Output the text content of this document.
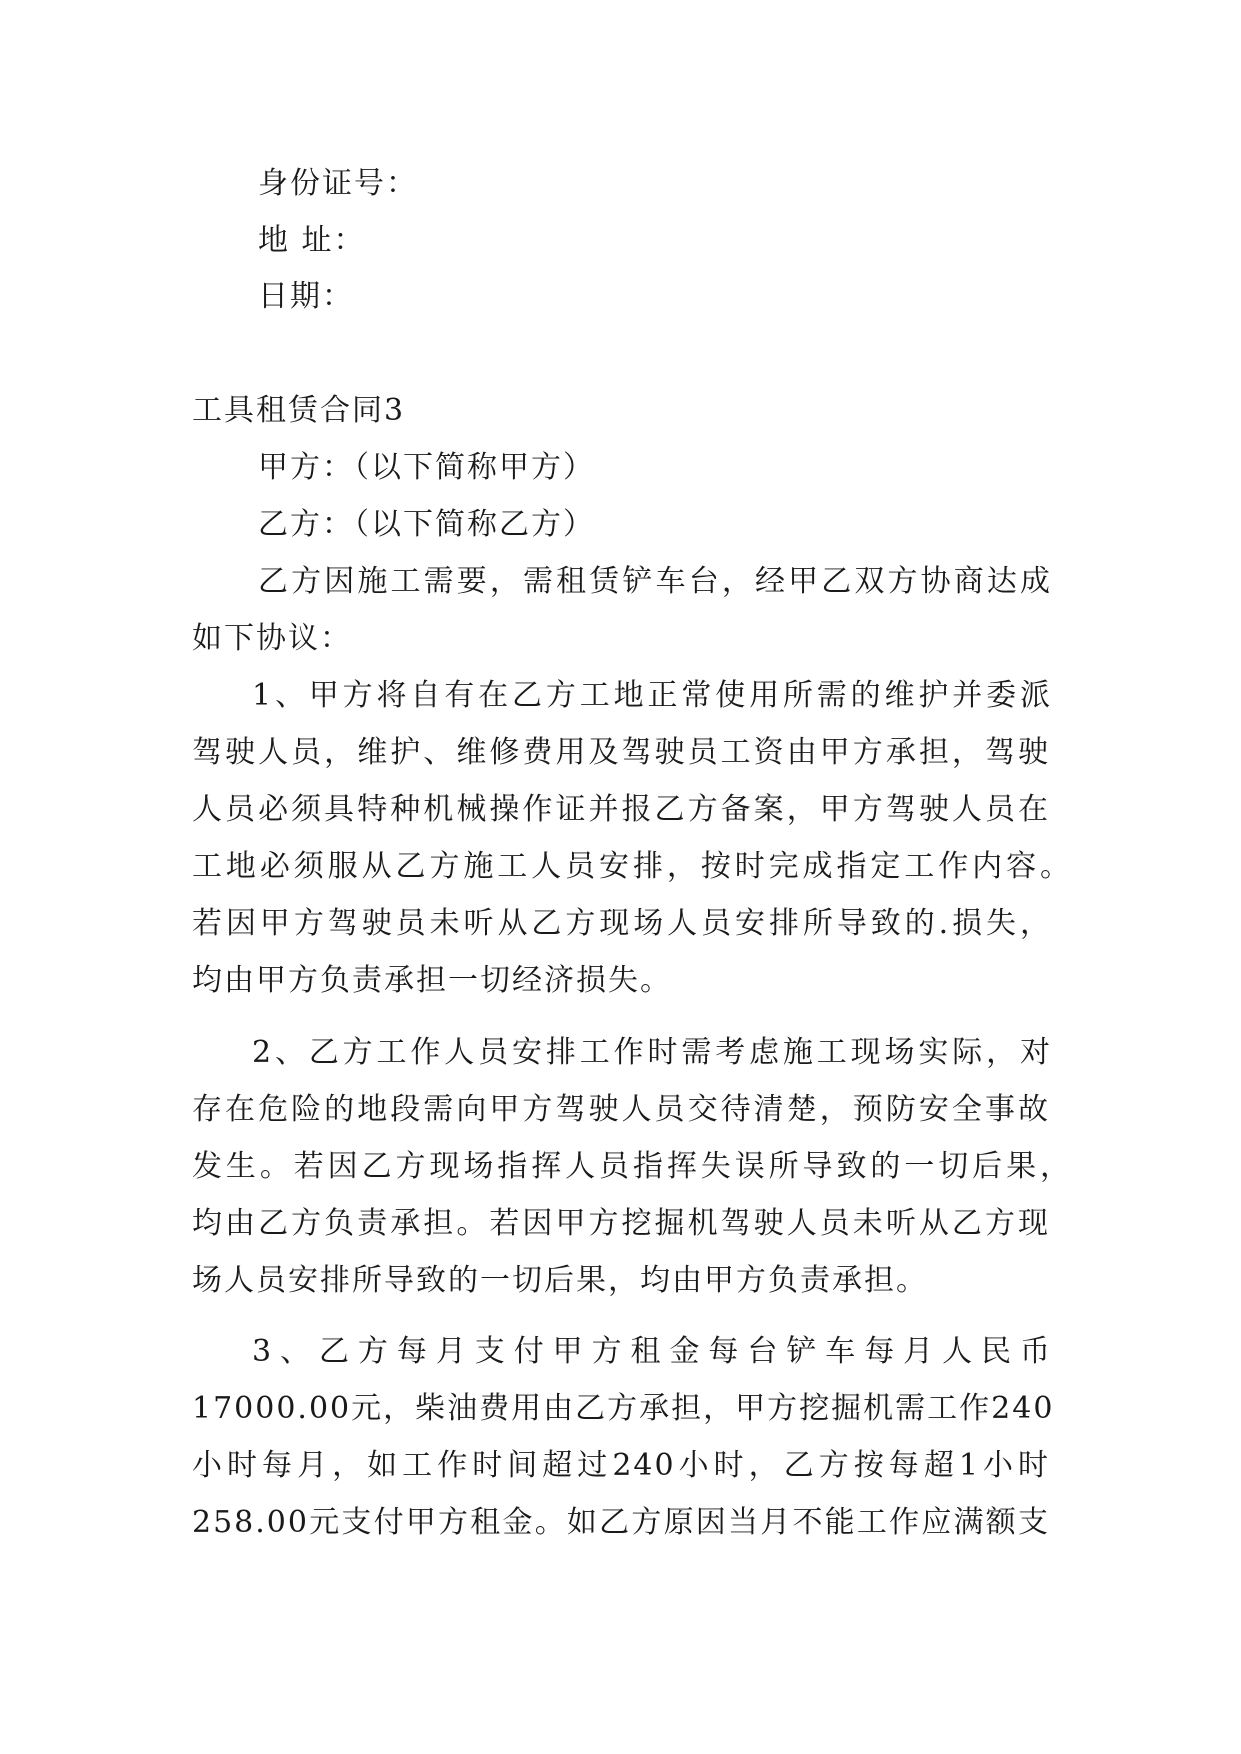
身份证号：
地 址：
日期：
工具租赁合同3
甲方：（以下简称甲方）
乙方：（以下简称乙方）
乙方因施工需要，需租赁铲车台，经甲乙双方协商达成
如下协议：
1、甲方将自有在乙方工地正常使用所需的维护并委派
驾驶人员，维护、维修费用及驾驶员工资由甲方承担，驾驶
人员必须具特种机械操作证并报乙方备案，甲方驾驶人员在
工地必须服从乙方施工人员安排，按时完成指定工作内容。
若因甲方驾驶员未听从乙方现场人员安排所导致的.损失，
均由甲方负责承担一切经济损失。
2、乙方工作人员安排工作时需考虑施工现场实际，对
存在危险的地段需向甲方驾驶人员交待清楚，预防安全事故
发生。若因乙方现场指挥人员指挥失误所导致的一切后果，
均由乙方负责承担。若因甲方挖掘机驾驶人员未听从乙方现
场人员安排所导致的一切后果，均由甲方负责承担。
3、乙方每月支付甲方租金每台铲车每月人民币
17000.00元，柴油费用由乙方承担，甲方挖掘机需工作240
小时每月，如工作时间超过240小时，乙方按每超1小时
258.00元支付甲方租金。如乙方原因当月不能工作应满额支
